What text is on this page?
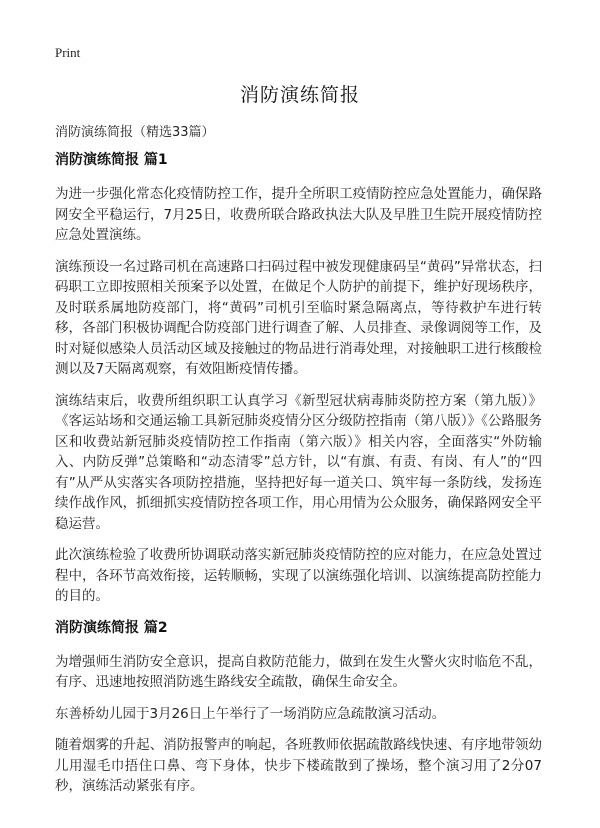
Print
消防演练简报
消防演练简报（精选33篇）
消防演练简报 篇1

为进一步强化常态化疫情防控工作，提升全所职工疫情防控应急处置能力，确保路网安全平稳运行，7月25日，收费所联合路政执法大队及早胜卫生院开展疫情防控应急处置演练。

演练预设一名过路司机在高速路口扫码过程中被发现健康码呈“黄码”异常状态，扫码职工立即按照相关预案予以处置，在做足个人防护的前提下，维护好现场秩序，及时联系属地防疫部门，将“黄码”司机引至临时紧急隔离点，等待救护车进行转移，各部门积极协调配合防疫部门进行调查了解、人员排查、录像调阅等工作，及时对疑似感染人员活动区域及接触过的物品进行消毒处理，对接触职工进行核酸检测以及7天隔离观察，有效阻断疫情传播。

演练结束后，收费所组织职工认真学习《新型冠状病毒肺炎防控方案（第九版）》《客运站场和交通运输工具新冠肺炎疫情分区分级防控指南（第八版）》《公路服务区和收费站新冠肺炎疫情防控工作指南（第六版）》相关内容，全面落实“外防输入、内防反弹”总策略和“动态清零”总方针，以“有旗、有责、有岗、有人”的“四有”从严从实落实各项防控措施，坚持把好每一道关口、筑牢每一条防线，发扬连续作战作风，抓细抓实疫情防控各项工作，用心用情为公众服务，确保路网安全平稳运营。

此次演练检验了收费所协调联动落实新冠肺炎疫情防控的应对能力，在应急处置过程中，各环节高效衔接，运转顺畅，实现了以演练强化培训、以演练提高防控能力的目的。

消防演练简报 篇2

为增强师生消防安全意识，提高自救防范能力，做到在发生火警火灾时临危不乱，有序、迅速地按照消防逃生路线安全疏散，确保生命安全。

东善桥幼儿园于3月26日上午举行了一场消防应急疏散演习活动。

随着烟雾的升起、消防报警声的响起，各班教师依据疏散路线快速、有序地带领幼儿用湿毛巾捂住口鼻、弯下身体，快步下楼疏散到了操场，整个演习用了2分07秒，演练活动紧张有序。
